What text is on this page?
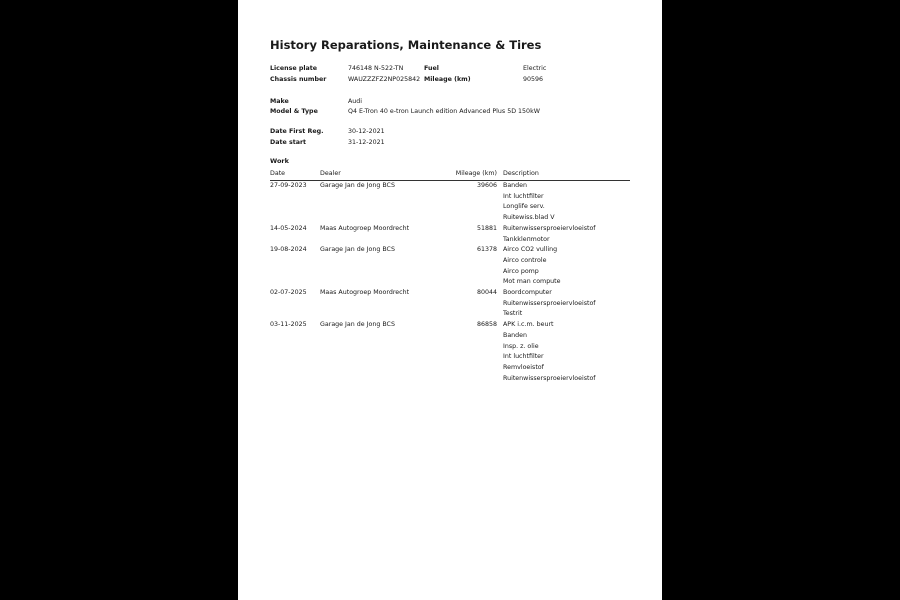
History Reparations, Maintenance & Tires
License plate	746148 N-522-TN	Fuel	Electric
Chassis number	WAUZZZFZ2NP025842 Mileage (km)	90596
Make	Audi
Model & Type	Q4 E-Tron 40 e-tron Launch edition Advanced Plus 5D 150kW
Date First Reg.	30-12-2021
Date start	31-12-2021
Work
Date	Dealer	Mileage (km) Description
27-09-2023 Garage Jan de Jong BCS	39606 Banden
Int luchtfilter
Longlife serv.
Ruitewiss.blad V
14-05-2024 Maas Autogroep Moordrecht	51881 Ruitenwissersproeiervloeistof
Tankkleпmotor
19-08-2024 Garage Jan de Jong BCS	61378 Airco CO2 vulling
Airco controle
Airco pomp
Mot man compute
02-07-2025 Maas Autogroep Moordrecht	80044 Boordcomputer
Ruitenwissersproeiervloeistof
Testrit
03-11-2025 Garage Jan de Jong BCS	86858 APK i.c.m. beurt
Banden
Insp. z. olie
Int luchtfilter
Remvloeistof
Ruitenwissersproeiervloeistof
